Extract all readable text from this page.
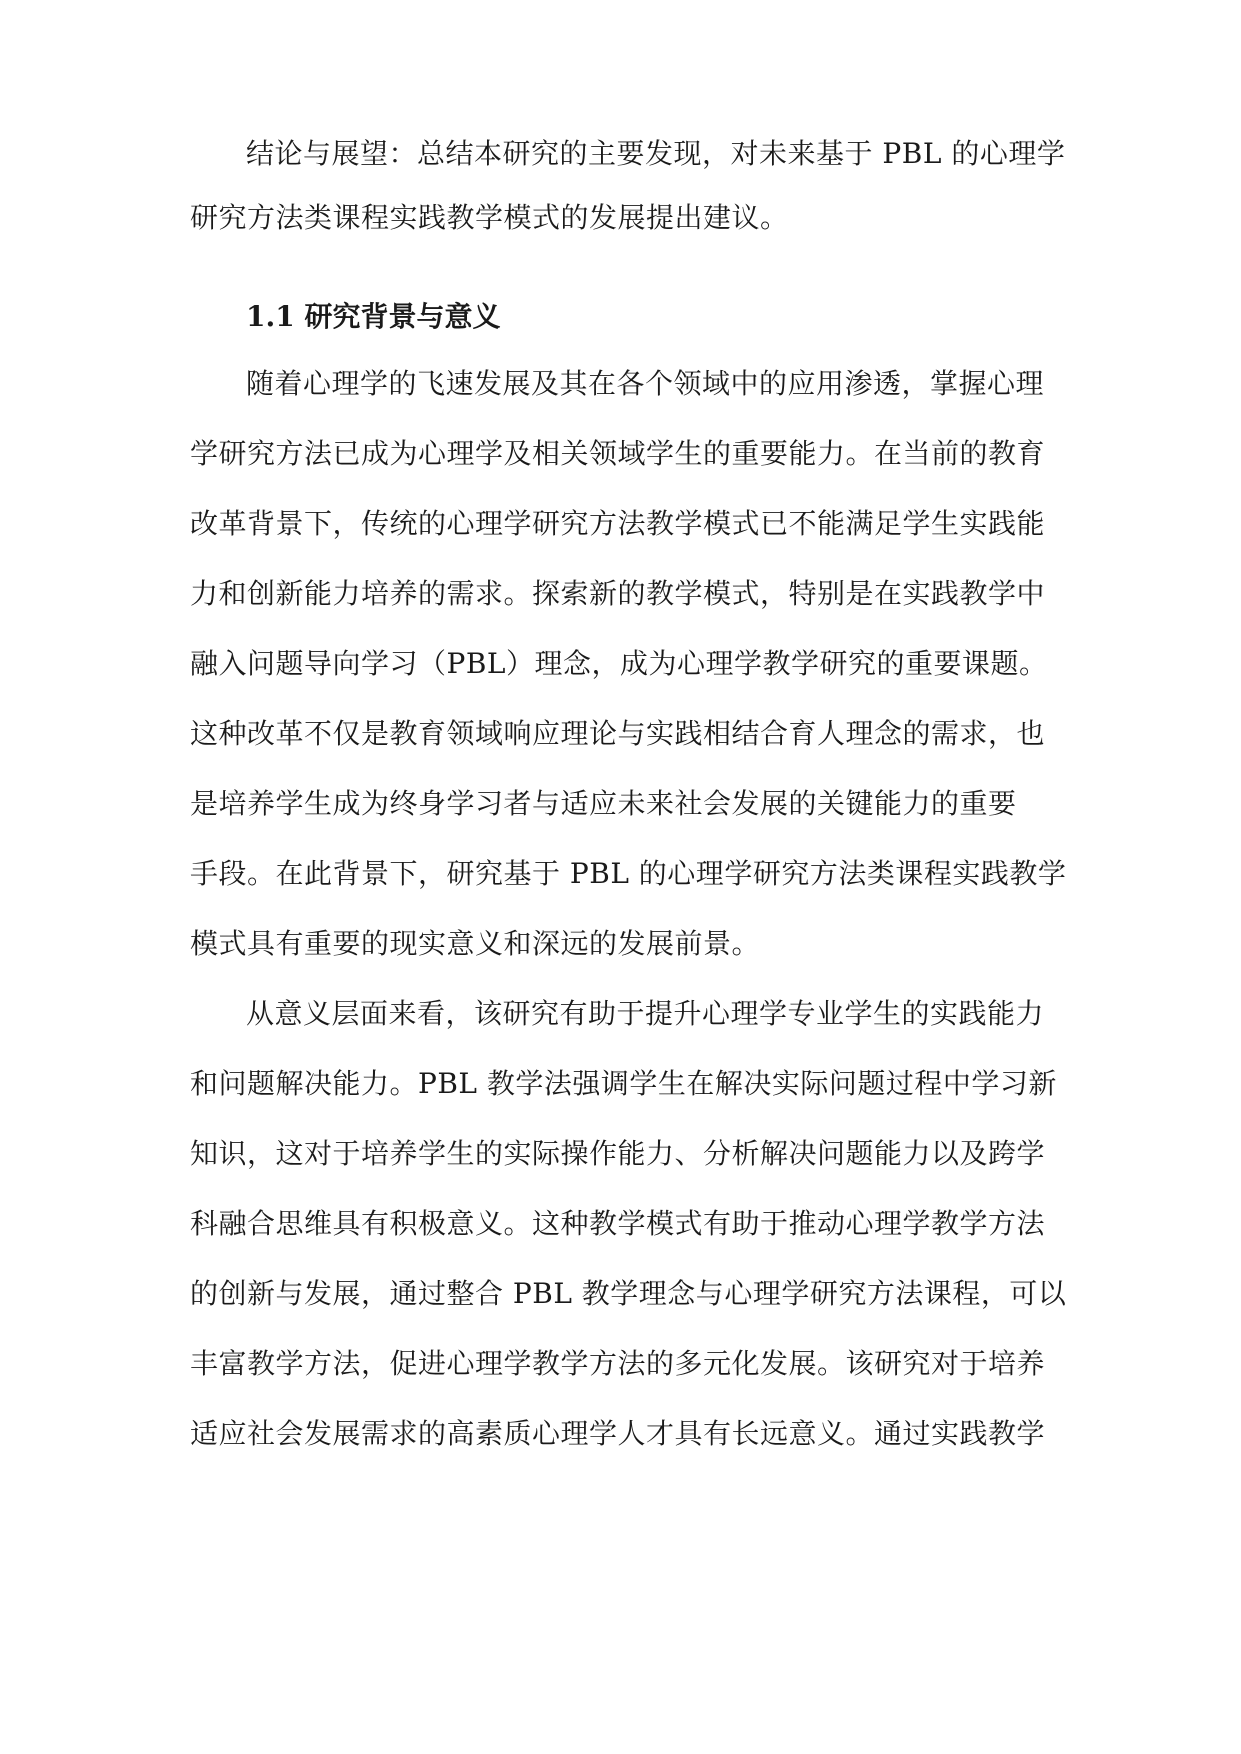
结论与展望：总结本研究的主要发现，对未来基于 PBL 的心理学
研究方法类课程实践教学模式的发展提出建议。
1.1 研究背景与意义
随着心理学的飞速发展及其在各个领域中的应用渗透，掌握心理
学研究方法已成为心理学及相关领域学生的重要能力。在当前的教育
改革背景下，传统的心理学研究方法教学模式已不能满足学生实践能
力和创新能力培养的需求。探索新的教学模式，特别是在实践教学中
融入问题导向学习（PBL）理念，成为心理学教学研究的重要课题。
这种改革不仅是教育领域响应理论与实践相结合育人理念的需求，也
是培养学生成为终身学习者与适应未来社会发展的关键能力的重要
手段。在此背景下，研究基于 PBL 的心理学研究方法类课程实践教学
模式具有重要的现实意义和深远的发展前景。
从意义层面来看，该研究有助于提升心理学专业学生的实践能力
和问题解决能力。PBL 教学法强调学生在解决实际问题过程中学习新
知识，这对于培养学生的实际操作能力、分析解决问题能力以及跨学
科融合思维具有积极意义。这种教学模式有助于推动心理学教学方法
的创新与发展，通过整合 PBL 教学理念与心理学研究方法课程，可以
丰富教学方法，促进心理学教学方法的多元化发展。该研究对于培养
适应社会发展需求的高素质心理学人才具有长远意义。通过实践教学
